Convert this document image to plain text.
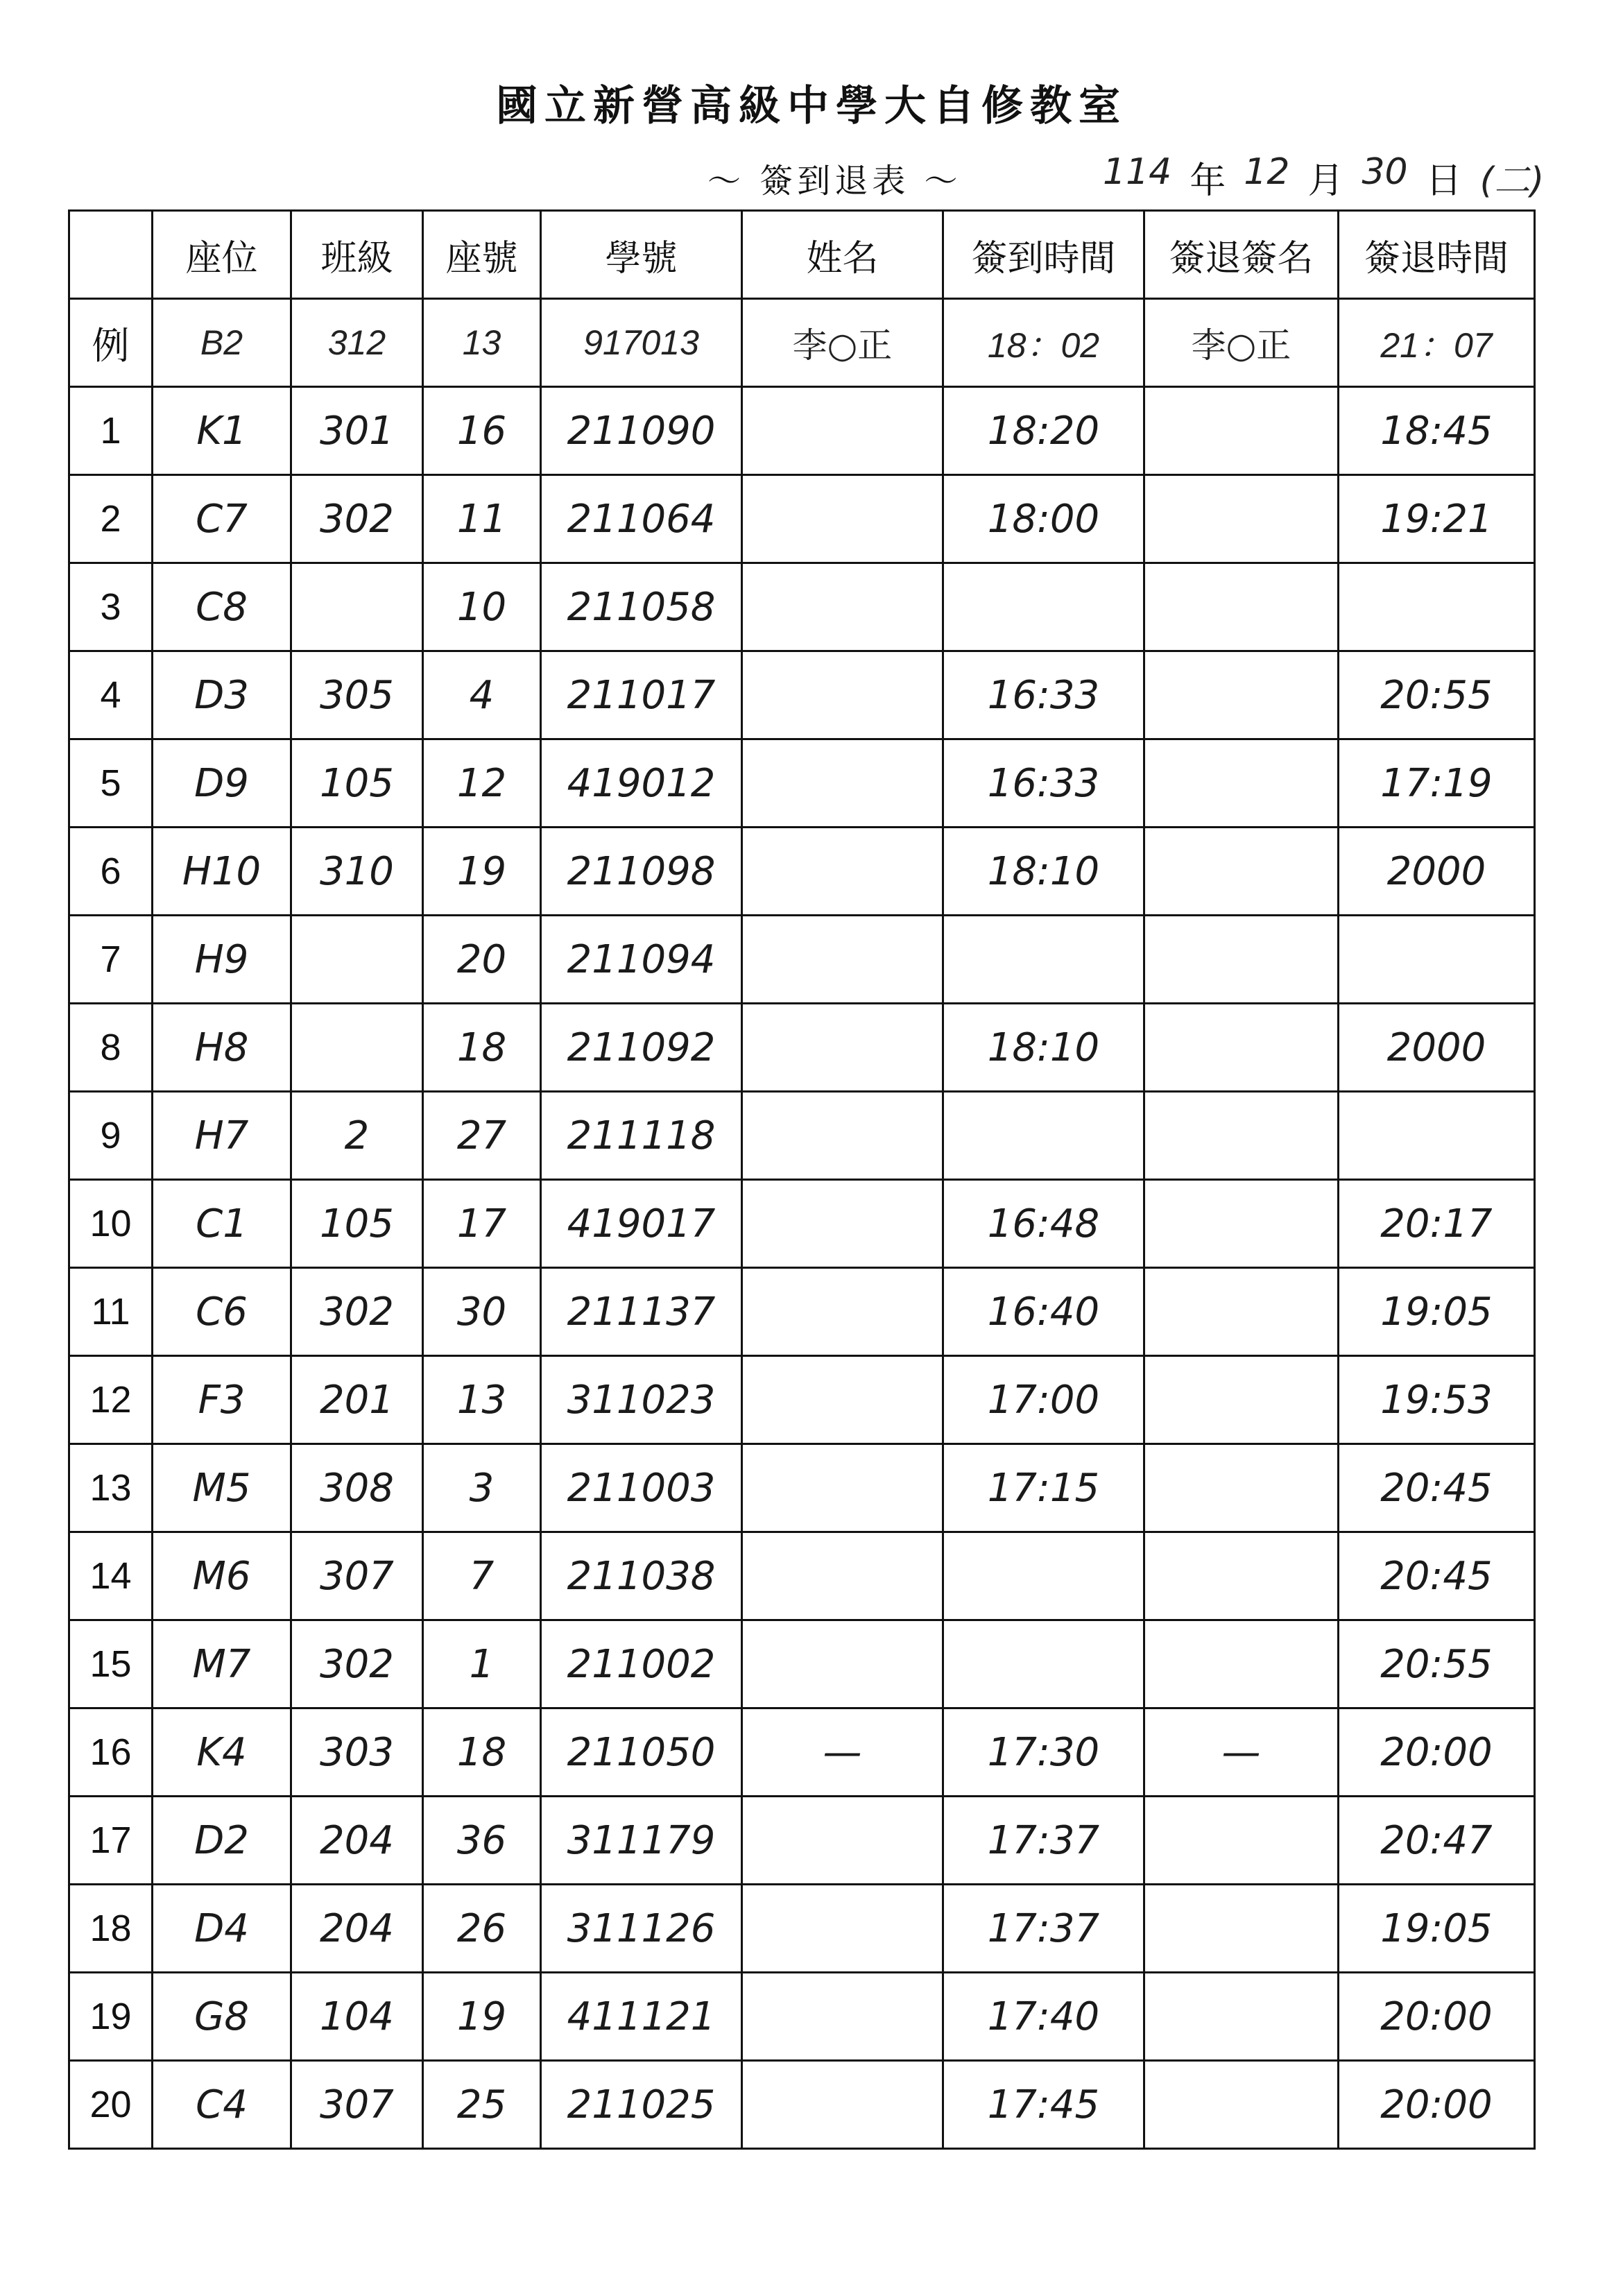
國立新營高級中學大自修教室
～ 簽到退表 ～	114 年 12 月 30 日 (二)
	座位	班級	座號	學號	姓名	簽到時間	簽退簽名	簽退時間
例	B2	312	13	917013	李○正	18：02	李○正	21：07
1	K1	301	16	211090		18:20		18:45
2	C7	302	11	211064		18:00		19:21
3	C8		10	211058				
4	D3	305	4	211017		16:33		20:55
5	D9	105	12	419012		16:33		17:19
6	H10	310	19	211098		18:10		2000
7	H9		20	211094				
8	H8		18	211092		18:10		2000
9	H7	2	27	211118				
10	C1	105	17	419017		16:48		20:17
11	C6	302	30	211137		16:40		19:05
12	F3	201	13	311023		17:00		19:53
13	M5	308	3	211003		17:15		20:45
14	M6	307	7	211038				20:45
15	M7	302	1	211002				20:55
16	K4	303	18	211050	—	17:30	—	20:00
17	D2	204	36	311179		17:37		20:47
18	D4	204	26	311126		17:37		19:05
19	G8	104	19	411121		17:40		20:00
20	C4	307	25	211025		17:45		20:00
